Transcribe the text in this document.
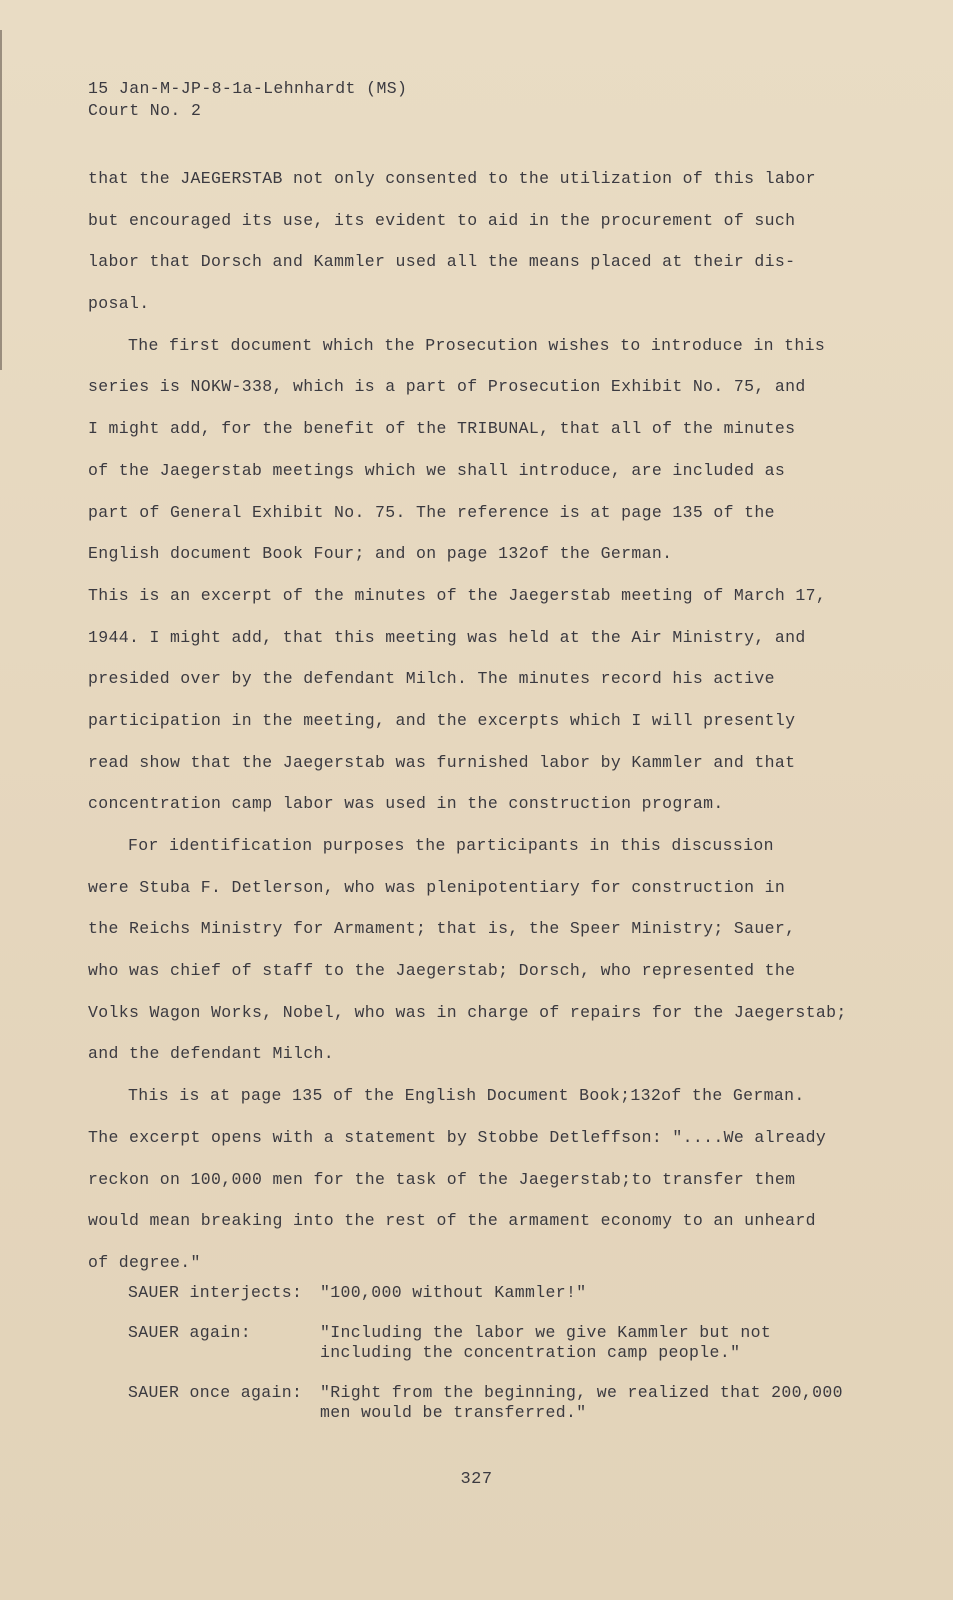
15 Jan-M-JP-8-1a-Lehnhardt (MS)
Court No. 2
that the JAEGERSTAB not only consented to the utilization of this labor
but encouraged its use, its evident to aid in the procurement of such
labor that Dorsch and Kammler used all the means placed at their dis-
posal.
The first document which the Prosecution wishes to introduce in this
series is NOKW-338, which is a part of Prosecution Exhibit No. 75, and
I might add, for the benefit of the TRIBUNAL, that all of the minutes
of the Jaegerstab meetings which we shall introduce, are included as
part of General Exhibit No. 75. The reference is at page 135 of the
English document Book Four; and on page 132of the German.
This is an excerpt of the minutes of the Jaegerstab meeting of March 17,
1944. I might add, that this meeting was held at the Air Ministry, and
presided over by the defendant Milch. The minutes record his active
participation in the meeting, and the excerpts which I will presently
read show that the Jaegerstab was furnished labor by Kammler and that
concentration camp labor was used in the construction program.
For identification purposes the participants in this discussion
were Stuba F. Detlerson, who was plenipotentiary for construction in
the Reichs Ministry for Armament; that is, the Speer Ministry; Sauer,
who was chief of staff to the Jaegerstab; Dorsch, who represented the
Volks Wagon Works, Nobel, who was in charge of repairs for the Jaegerstab;
and the defendant Milch.
This is at page 135 of the English Document Book;132of the German.
The excerpt opens with a statement by Stobbe Detleffson: "....We already
reckon on 100,000 men for the task of the Jaegerstab;to transfer them
would mean breaking into the rest of the armament economy to an unheard
of degree."
SAUER interjects:	"100,000 without Kammler!"
SAUER again:	"Including the labor we give Kammler but not
including the concentration camp people."
SAUER once again:	"Right from the beginning, we realized that 200,000
men would be transferred."
327
